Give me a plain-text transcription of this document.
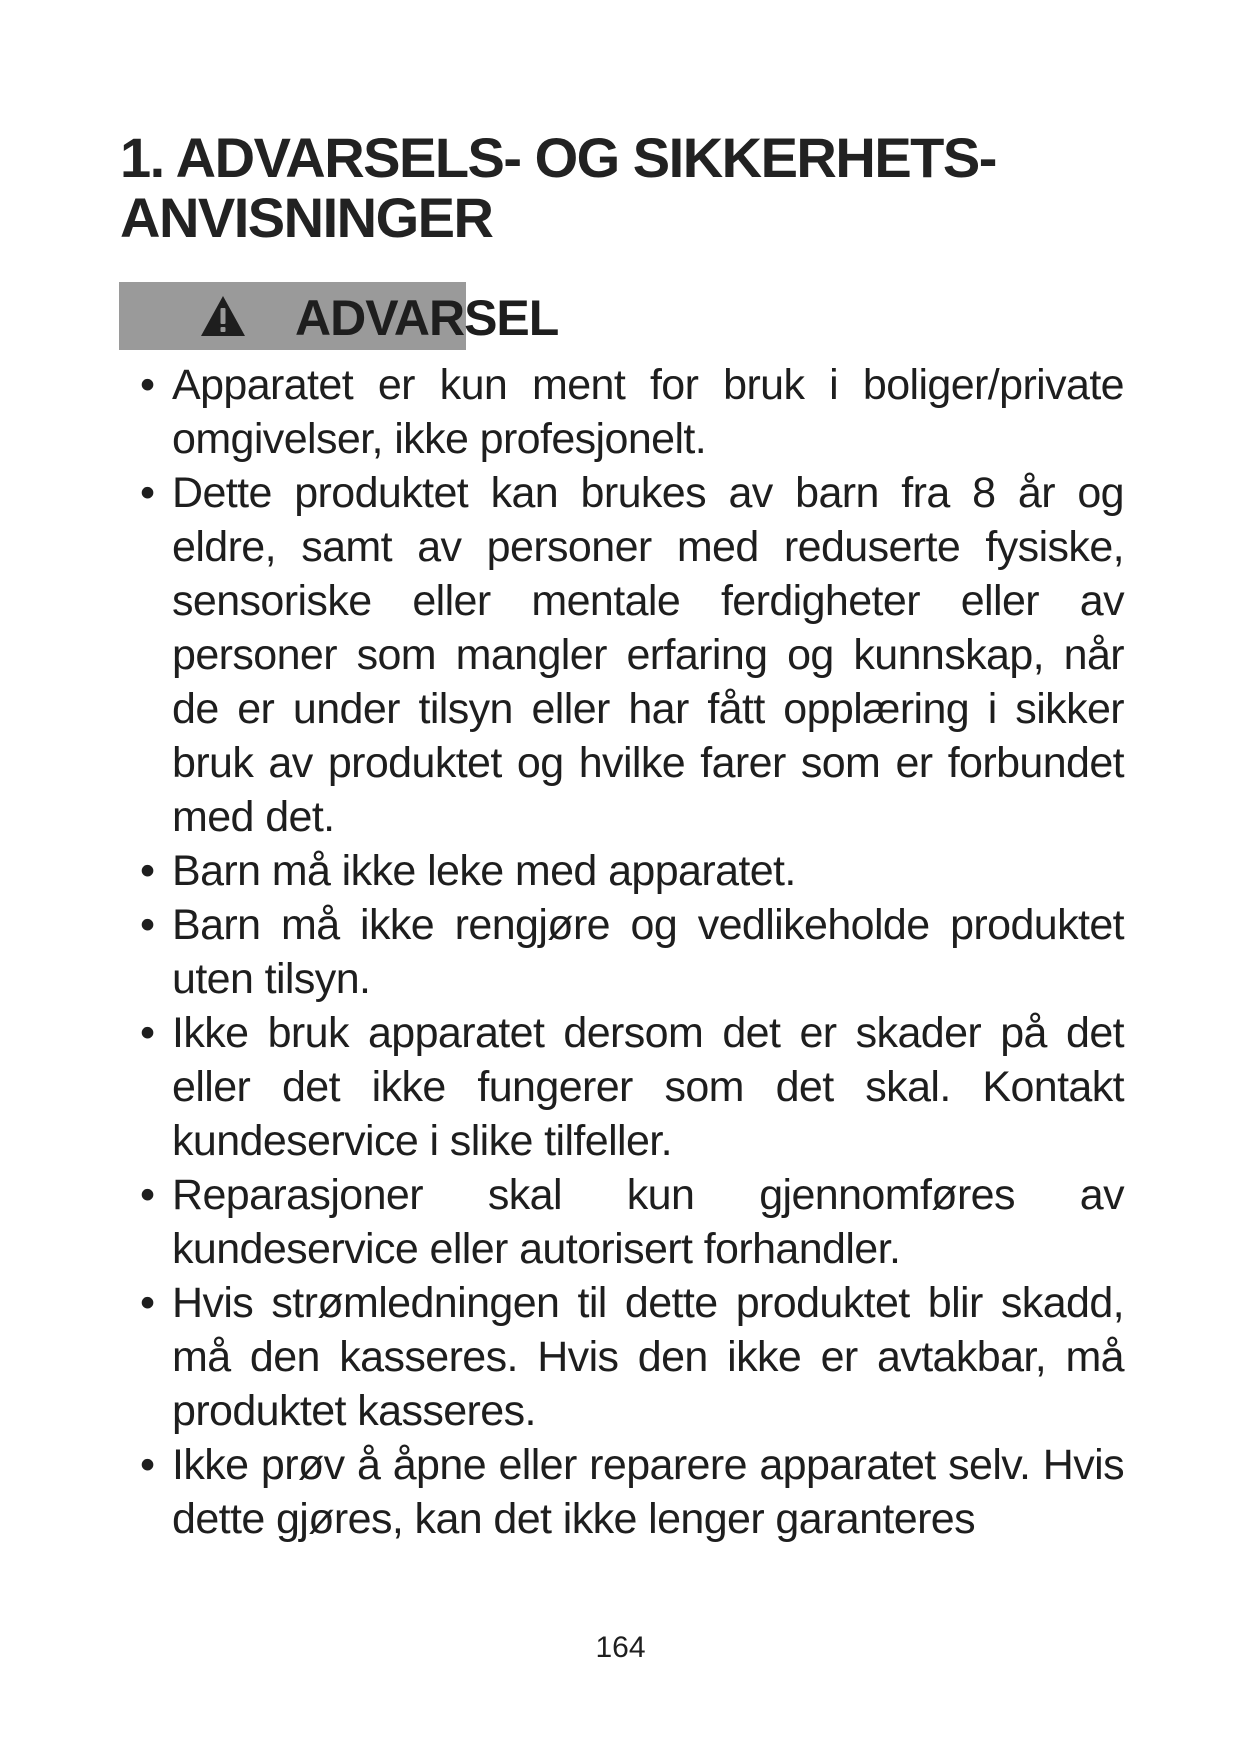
1. ADVARSELS- OG SIKKERHETS-
ANVISNINGER
ADVARSEL
• Apparatet er kun ment for bruk i boliger/private omgivelser, ikke profesjonelt.
• Dette produktet kan brukes av barn fra 8 år og eldre, samt av personer med reduserte fysiske, sensoriske eller mentale ferdigheter eller av personer som mangler erfaring og kunnskap, når de er under tilsyn eller har fått opplæring i sikker bruk av produktet og hvilke farer som er forbundet med det.
• Barn må ikke leke med apparatet.
• Barn må ikke rengjøre og vedlikeholde produktet uten tilsyn.
• Ikke bruk apparatet dersom det er skader på det eller det ikke fungerer som det skal. Kontakt kundeservice i slike tilfeller.
• Reparasjoner skal kun gjennomføres av kundeservice eller autorisert forhandler.
• Hvis strømledningen til dette produktet blir skadd, må den kasseres. Hvis den ikke er avtakbar, må produktet kasseres.
• Ikke prøv å åpne eller reparere apparatet selv. Hvis dette gjøres, kan det ikke lenger garanteres
164
